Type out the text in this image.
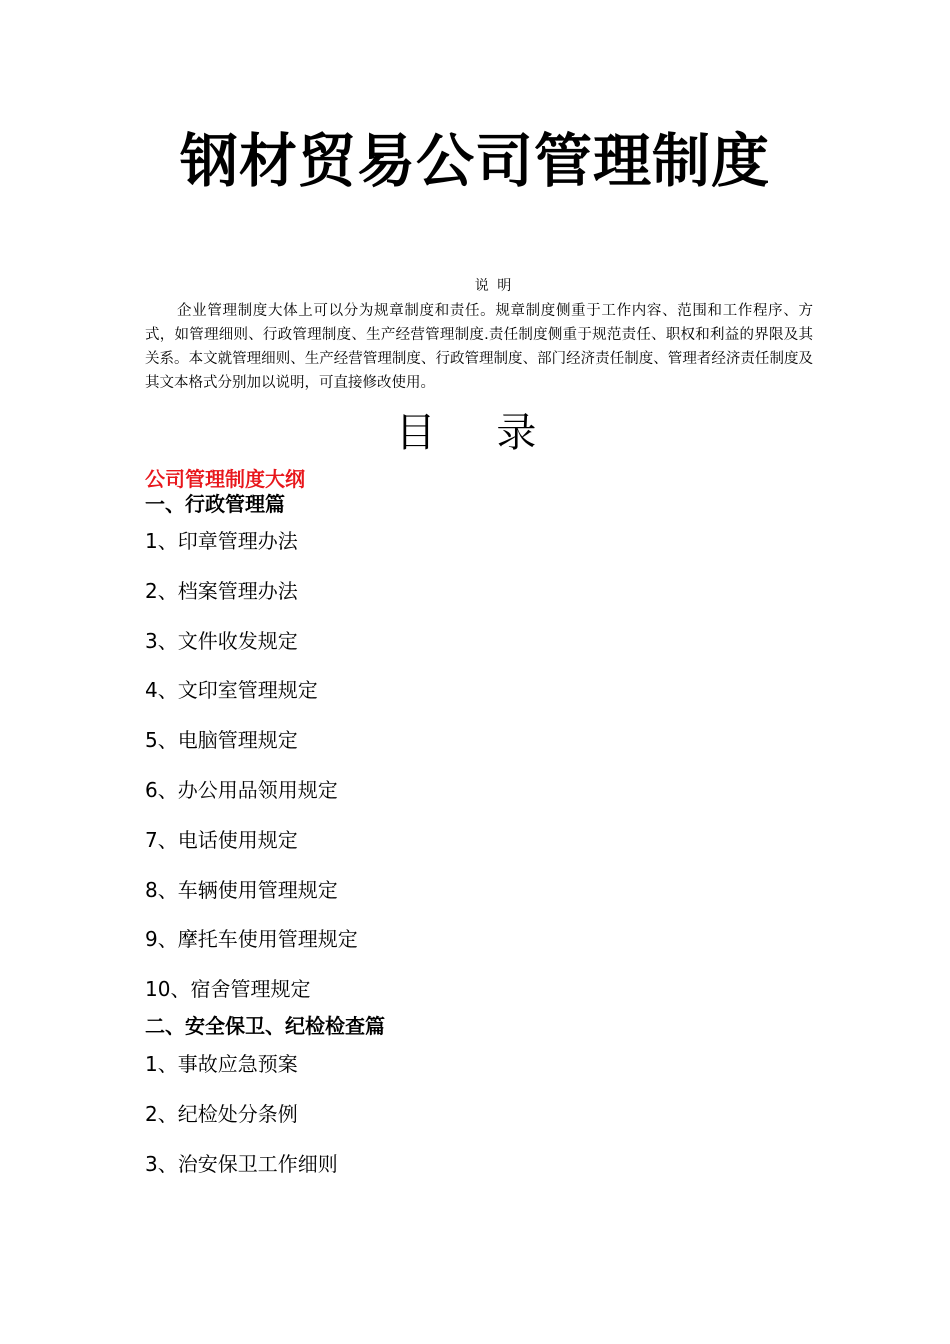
钢材贸易公司管理制度
说 明
企业管理制度大体上可以分为规章制度和责任。规章制度侧重于工作内容、范围和工作程序、方式，如管理细则、行政管理制度、生产经营管理制度.责任制度侧重于规范责任、职权和利益的界限及其关系。本文就管理细则、生产经营管理制度、行政管理制度、部门经济责任制度、管理者经济责任制度及其文本格式分别加以说明，可直接修改使用。
目 录
公司管理制度大纲
一、行政管理篇
1、印章管理办法
2、档案管理办法
3、文件收发规定
4、文印室管理规定
5、电脑管理规定
6、办公用品领用规定
7、电话使用规定
8、车辆使用管理规定
9、摩托车使用管理规定
10、宿舍管理规定
二、安全保卫、纪检检查篇
1、事故应急预案
2、纪检处分条例
3、治安保卫工作细则
